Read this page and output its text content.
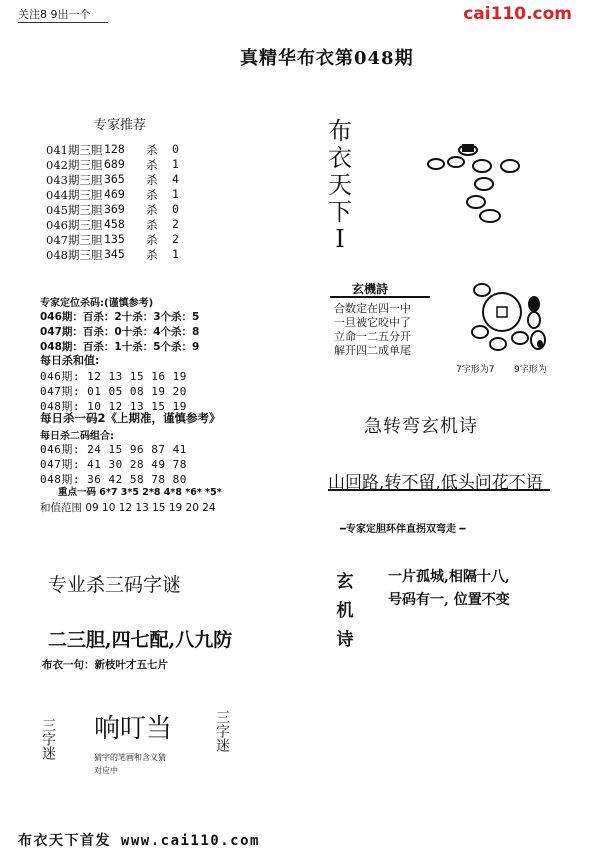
关注8 9出一个	cai110.com
真精华布衣第048期
专家推荐
041期三胆 128	杀	0
042期三胆 689	杀	1
043期三胆 365	杀	4
044期三胆 469	杀	1
045期三胆 369	杀	0
046期三胆 458	杀	2
047期三胆 135	杀	2
048期三胆 345	杀	1
专家定位杀码:(谨慎参考)
046期：百杀：2十杀：3个杀：5
047期：百杀：0十杀：4个杀：8
048期：百杀：1十杀：5个杀：9
每日杀和值:
046期: 12 13 15 16 19
047期: 01 05 08 19 20
048期: 10 12 13 15 19
每日杀一码2《上期准，谨慎参考》
每日杀二码组合:
046期: 24 15 96 87 41
047期: 41 30 28 49 78
048期: 36 42 58 78 80
重点一码 6*7 3*5 2*8 4*8 *6* *5*
和值范围 09 10 12 13 15 19 20 24
专业杀三码字谜
二三胆,四七配,八九防
布衣一句：新枝叶才五七片
三字迷 响叮当
猜字的笔画和含义猜
对应中
三字迷
布
衣
天
下
I
玄機詩
合数定在四一中
一旦被它咬中了
立命一二五分开
解开四二成单尾
7字形为7 9字形为
急转弯玄机诗
山回路,转不留,低头问花不语
━专家定胆环伴直拐双弯走 ━
玄
机
诗
一片孤城,相隔十八,
号码有一, 位置不变
布衣天下首发 www.cai110.com
